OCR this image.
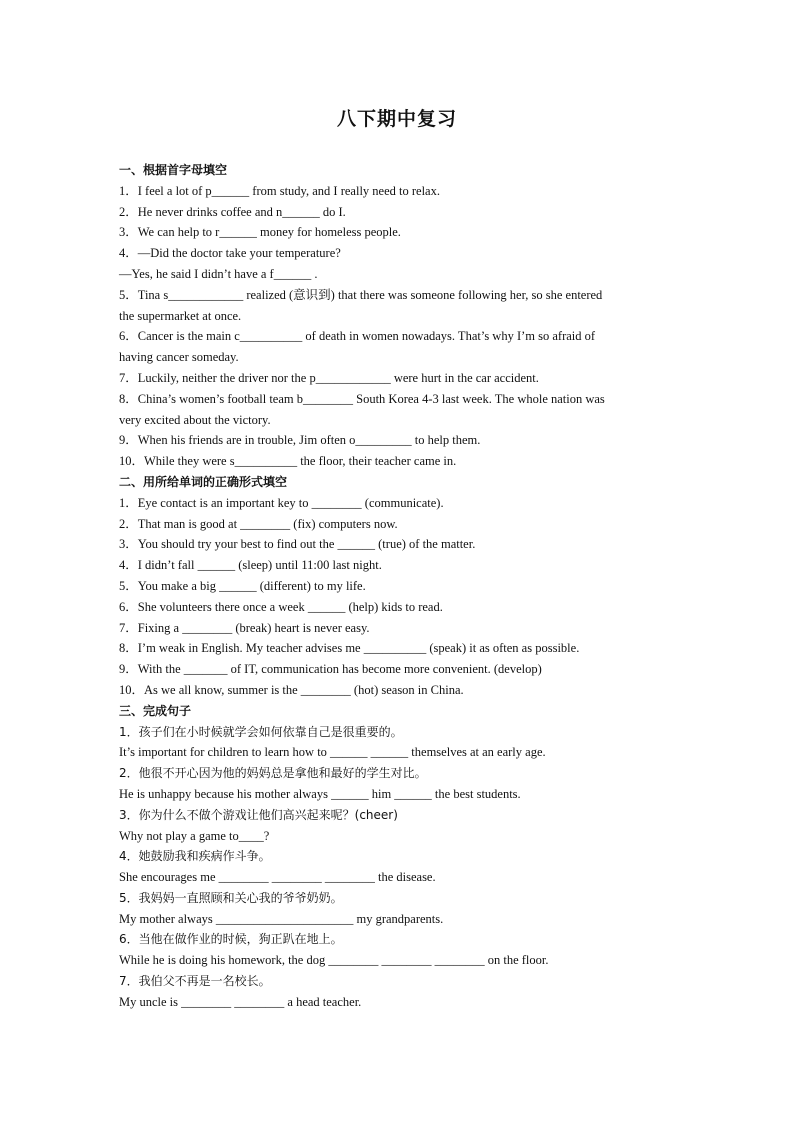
八下期中复习
一、根据首字母填空
1．I feel a lot of p______ from study, and I really need to relax.
2．He never drinks coffee and n______ do I.
3．We can help to r______ money for homeless people.
4．—Did the doctor take your temperature?
—Yes, he said I didn’t have a f______ .
5．Tina s____________ realized (意识到) that there was someone following her, so she entered
the supermarket at once.
6．Cancer is the main c__________ of death in women nowadays. That’s why I’m so afraid of
having cancer someday.
7．Luckily, neither the driver nor the p____________ were hurt in the car accident.
8．China’s women’s football team b________ South Korea 4-3 last week. The whole nation was
very excited about the victory.
9．When his friends are in trouble, Jim often o_________ to help them.
10．While they were s__________ the floor, their teacher came in.
二、用所给单词的正确形式填空
1．Eye contact is an important key to ________ (communicate).
2．That man is good at ________ (fix) computers now.
3．You should try your best to find out the ______ (true) of the matter.
4．I didn’t fall ______ (sleep) until 11:00 last night.
5．You make a big ______ (different) to my life.
6．She volunteers there once a week ______ (help) kids to read.
7．Fixing a ________ (break) heart is never easy.
8．I’m weak in English. My teacher advises me __________ (speak) it as often as possible.
9．With the _______ of IT, communication has become more convenient. (develop)
10．As we all know, summer is the ________ (hot) season in China.
三、完成句子
1．孩子们在小时候就学会如何依靠自己是很重要的。
It’s important for children to learn how to ______ ______ themselves at an early age.
2．他很不开心因为他的妈妈总是拿他和最好的学生对比。
He is unhappy because his mother always ______ him ______ the best students.
3．你为什么不做个游戏让他们高兴起来呢？(cheer)
Why not play a game to____?
4．她鼓励我和疾病作斗争。
She encourages me ________ ________ ________ the disease.
5．我妈妈一直照顾和关心我的爷爷奶奶。
My mother always ______________________ my grandparents.
6．当他在做作业的时候，狗正趴在地上。
While he is doing his homework, the dog ________ ________ ________ on the floor.
7．我伯父不再是一名校长。
My uncle is ________ ________ a head teacher.
